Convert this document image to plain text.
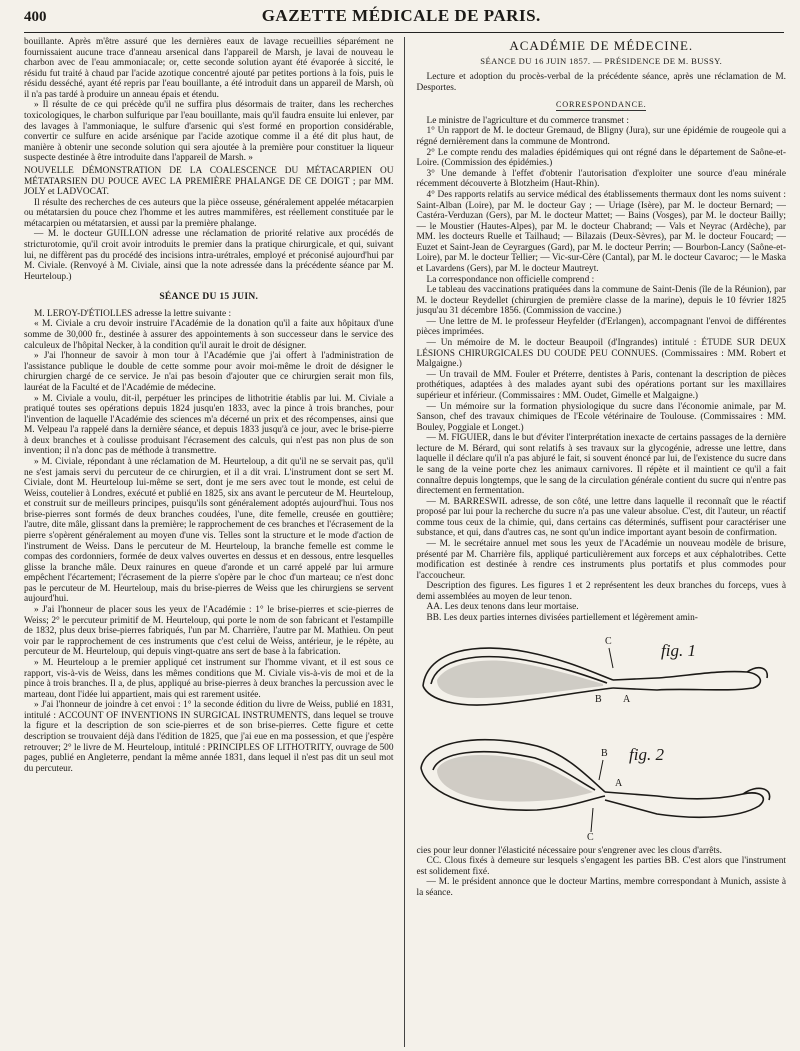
400	GAZETTE MÉDICALE DE PARIS.

bouillante. Après m'être assuré que les dernières eaux de lavage recueillies séparément ne fournissaient aucune trace d'anneau arsenical dans l'appareil de Marsh, je lavai de nouveau le charbon avec de l'eau ammoniacale; or, cette seconde solution ayant été évaporée à siccité, le résidu fut traité à chaud par l'acide azotique concentré ajouté par petites portions à la fois, puis le résidu desséché, ayant été repris par l'eau bouillante, a été introduit dans un appareil de Marsh, où il n'a pas tardé à produire un anneau épais et étendu.

» Il résulte de ce qui précède qu'il ne suffira plus désormais de traiter, dans les recherches toxicologiques, le charbon sulfurique par l'eau bouillante, mais qu'il faudra ensuite lui enlever, par des lavages à l'ammoniaque, le sulfure d'arsenic qui s'est formé en proportion considérable, convertir ce sulfure en acide arsénique par l'acide azotique comme il a été dit plus haut, de manière à obtenir une seconde solution qui sera ajoutée à la première pour constituer la liqueur suspecte destinée à être introduite dans l'appareil de Marsh. »

NOUVELLE DÉMONSTRATION DE LA COALESCENCE DU MÉTACARPIEN OU MÉTATARSIEN DU POUCE AVEC LA PREMIÈRE PHALANGE DE CE DOIGT ; par MM. JOLY et LADVOCAT.

Il résulte des recherches de ces auteurs que la pièce osseuse, généralement appelée métacarpien ou métatarsien du pouce chez l'homme et les autres mammifères, est réellement constituée par le métacarpien ou métatarsien, et aussi par la première phalange.

— M. le docteur GUILLON adresse une réclamation de priorité relative aux procédés de stricturotomie, qu'il croit avoir introduits le premier dans la pratique chirurgicale, et qui, suivant lui, ne diffèrent pas du procédé des incisions intra-urétrales, employé et préconisé aujourd'hui par M. Civiale. (Renvoyé à M. Civiale, ainsi que la note adressée dans la précédente séance par M. Heurteloup.)

SÉANCE DU 15 JUIN.

M. LEROY-D'ÉTIOLLES adresse la lettre suivante :

« M. Civiale a cru devoir instruire l'Académie de la donation qu'il a faite aux hôpitaux d'une somme de 30,000 fr., destinée à assurer des appointements à son successeur dans le service des calculeux de l'hôpital Necker, à la condition qu'il aurait le droit de désigner.

» J'ai l'honneur de savoir à mon tour à l'Académie que j'ai offert à l'administration de l'assistance publique le double de cette somme pour avoir moi-même le droit de désigner le chirurgien chargé de ce service. Je n'ai pas besoin d'ajouter que ce chirurgien serait mon fils, lauréat de la Faculté et de l'Académie de médecine.

» M. Civiale a voulu, dit-il, perpétuer les principes de lithotritie établis par lui. M. Civiale a pratiqué toutes ses opérations depuis 1824 jusqu'en 1833, avec la pince à trois branches, pour l'invention de laquelle l'Académie des sciences m'a décerné un prix et des récompenses, ainsi que M. Velpeau l'a rappelé dans la dernière séance, et depuis 1833 jusqu'à ce jour, avec le brise-pierre à deux branches et à coulisse produisant l'écrasement des calculs, qui n'est pas non plus de son invention; il n'a donc pas de méthode à transmettre.

» M. Civiale, répondant à une réclamation de M. Heurteloup, a dit qu'il ne se servait pas, qu'il ne s'est jamais servi du percuteur de ce chirurgien, et il a dit vrai. L'instrument dont se sert M. Civiale, dont M. Heurteloup lui-même se sert, dont je me sers avec tout le monde, est celui de Weiss, coutelier à Londres, exécuté et publié en 1825, six ans avant le percuteur de M. Heurteloup, et construit sur de meilleurs principes, puisqu'ils sont généralement adoptés aujourd'hui. Tous nos brise-pierres sont formés de deux branches coudées, l'une, dite femelle, creusée en gouttière; l'autre, dite mâle, glissant dans la première; le rapprochement de ces branches et l'écrasement de la pierre s'opèrent généralement au moyen d'une vis. Telles sont la structure et le mode d'action de l'instrument de Weiss. Dans le percuteur de M. Heurteloup, la branche femelle est comme le compas des cordonniers, formée de deux valves ouvertes en dessus et en dessous, entre lesquelles glisse la branche mâle. Deux rainures en queue d'aronde et un carré appelé par lui armure empêchent l'écartement; l'écrasement de la pierre s'opère par le choc d'un marteau; ce n'est donc pas le percuteur de M. Heurteloup, mais du brise-pierres de Weiss que les chirurgiens se servent aujourd'hui.

» J'ai l'honneur de placer sous les yeux de l'Académie : 1° le brise-pierres et scie-pierres de Weiss; 2° le percuteur primitif de M. Heurteloup, qui porte le nom de son fabricant et l'estampille de 1832, plus deux brise-pierres fabriqués, l'un par M. Charrière, l'autre par M. Mathieu. On peut voir par le rapprochement de ces instruments que c'est celui de Weiss, antérieur, je le répète, au percuteur de M. Heurteloup, qui depuis vingt-quatre ans sert de base à la fabrication.

» M. Heurteloup a le premier appliqué cet instrument sur l'homme vivant, et il est sous ce rapport, vis-à-vis de Weiss, dans les mêmes conditions que M. Civiale vis-à-vis de moi et de la pince à trois branches. Il a, de plus, appliqué au brise-pierres à deux branches la percussion avec le marteau, dont l'idée lui appartient, mais qui est rarement usitée.

» J'ai l'honneur de joindre à cet envoi : 1° la seconde édition du livre de Weiss, publié en 1831, intitulé : ACCOUNT OF INVENTIONS IN SURGICAL INSTRUMENTS, dans lequel se trouve la figure et la description de son scie-pierres et de son brise-pierres. Cette figure et cette description se trouvaient déjà dans l'édition de 1825, que j'ai eue en ma possession, et que j'espère retrouver; 2° le livre de M. Heurteloup, intitulé : PRINCIPLES OF LITHOTRITY, ouvrage de 500 pages, publié en Angleterre, pendant la même année 1831, dans lequel il n'est pas dit un seul mot du percuteur.

ACADÉMIE DE MÉDECINE.
SÉANCE DU 16 JUIN 1857. — PRÉSIDENCE DE M. BUSSY.

Lecture et adoption du procès-verbal de la précédente séance, après une réclamation de M. Desportes.

CORRESPONDANCE.

Le ministre de l'agriculture et du commerce transmet :

1° Un rapport de M. le docteur Gremaud, de Bligny (Jura), sur une épidémie de rougeole qui a régné dernièrement dans la commune de Montrond.

2° Le compte rendu des maladies épidémiques qui ont régné dans le département de Saône-et-Loire. (Commission des épidémies.)

3° Une demande à l'effet d'obtenir l'autorisation d'exploiter une source d'eau minérale récemment découverte à Blotzheim (Haut-Rhin).

4° Des rapports relatifs au service médical des établissements thermaux dont les noms suivent : Saint-Alban (Loire), par M. le docteur Gay ; — Uriage (Isère), par M. le docteur Bernard; — Castéra-Verduzan (Gers), par M. le docteur Mattet; — Bains (Vosges), par M. le docteur Bailly; — le Moustier (Hautes-Alpes), par M. le docteur Chabrand; — Vals et Neyrac (Ardèche), par MM. les docteurs Ruelle et Tailhaud; — Bilazais (Deux-Sèvres), par M. le docteur Foucard; — Euzet et Saint-Jean de Ceyrargues (Gard), par M. le docteur Perrin; — Bourbon-Lancy (Saône-et-Loire), par M. le docteur Tellier; — Vic-sur-Cère (Cantal), par M. le docteur Cavaroc; — le Maska et Lavardens (Gers), par M. le docteur Mautreyt.

La correspondance non officielle comprend :

Le tableau des vaccinations pratiquées dans la commune de Saint-Denis (île de la Réunion), par M. le docteur Reydellet (chirurgien de première classe de la marine), depuis le 10 février 1825 jusqu'au 31 décembre 1856. (Commission de vaccine.)

— Une lettre de M. le professeur Heyfelder (d'Erlangen), accompagnant l'envoi de différentes pièces imprimées.

— Un mémoire de M. le docteur Beaupoil (d'Ingrandes) intitulé : ÉTUDE SUR DEUX LÉSIONS CHIRURGICALES DU COUDE PEU CONNUES. (Commissaires : MM. Robert et Malgaigne.)

— Un travail de MM. Fouler et Préterre, dentistes à Paris, contenant la description de pièces prothétiques, adaptées à des malades ayant subi des opérations portant sur les maxillaires supérieur et inférieur. (Commissaires : MM. Oudet, Gimelle et Malgaigne.)

— Un mémoire sur la formation physiologique du sucre dans l'économie animale, par M. Sanson, chef des travaux chimiques de l'Ecole vétérinaire de Toulouse. (Commissaires : MM. Bouley, Poggiale et Longet.)

— M. FIGUIER, dans le but d'éviter l'interprétation inexacte de certains passages de la dernière lecture de M. Bérard, qui sont relatifs à ses travaux sur la glycogénie, adresse une lettre, dans laquelle il déclare qu'il n'a pas abjuré le fait, si souvent énoncé par lui, de l'existence du sucre dans le sang de la veine porte chez les animaux carnivores. Il répète et il maintient ce qu'il a fait connaître depuis longtemps, que le sang de la circulation générale contient du sucre qui n'entre pas directement en fermentation.

— M. BARRESWIL adresse, de son côté, une lettre dans laquelle il reconnaît que le réactif proposé par lui pour la recherche du sucre n'a pas une valeur absolue. C'est, dit l'auteur, un réactif comme tous ceux de la chimie, qui, dans certains cas déterminés, suffisent pour caractériser une substance, et qui, dans d'autres cas, ne sont qu'un indice important ayant besoin de confirmation.

— M. le secrétaire annuel met sous les yeux de l'Académie un nouveau modèle de brisure, présenté par M. Charrière fils, appliqué particulièrement aux forceps et aux céphalotribes. Cette modification est destinée à rendre ces instruments plus portatifs et plus commodes pour l'accoucheur.

Description des figures. Les figures 1 et 2 représentent les deux branches du forceps, vues à demi assemblées au moyen de leur tenon.

AA. Les deux tenons dans leur mortaise.

BB. Les deux parties internes divisées partiellement et légèrement amin-

fig. 1
fig. 2
A
B
C
A
B
C

cies pour leur donner l'élasticité nécessaire pour s'engrener avec les clous d'arrêts.

CC. Clous fixés à demeure sur lesquels s'engagent les parties BB. C'est alors que l'instrument est solidement fixé.

— M. le président annonce que le docteur Martins, membre correspondant à Munich, assiste à la séance.
